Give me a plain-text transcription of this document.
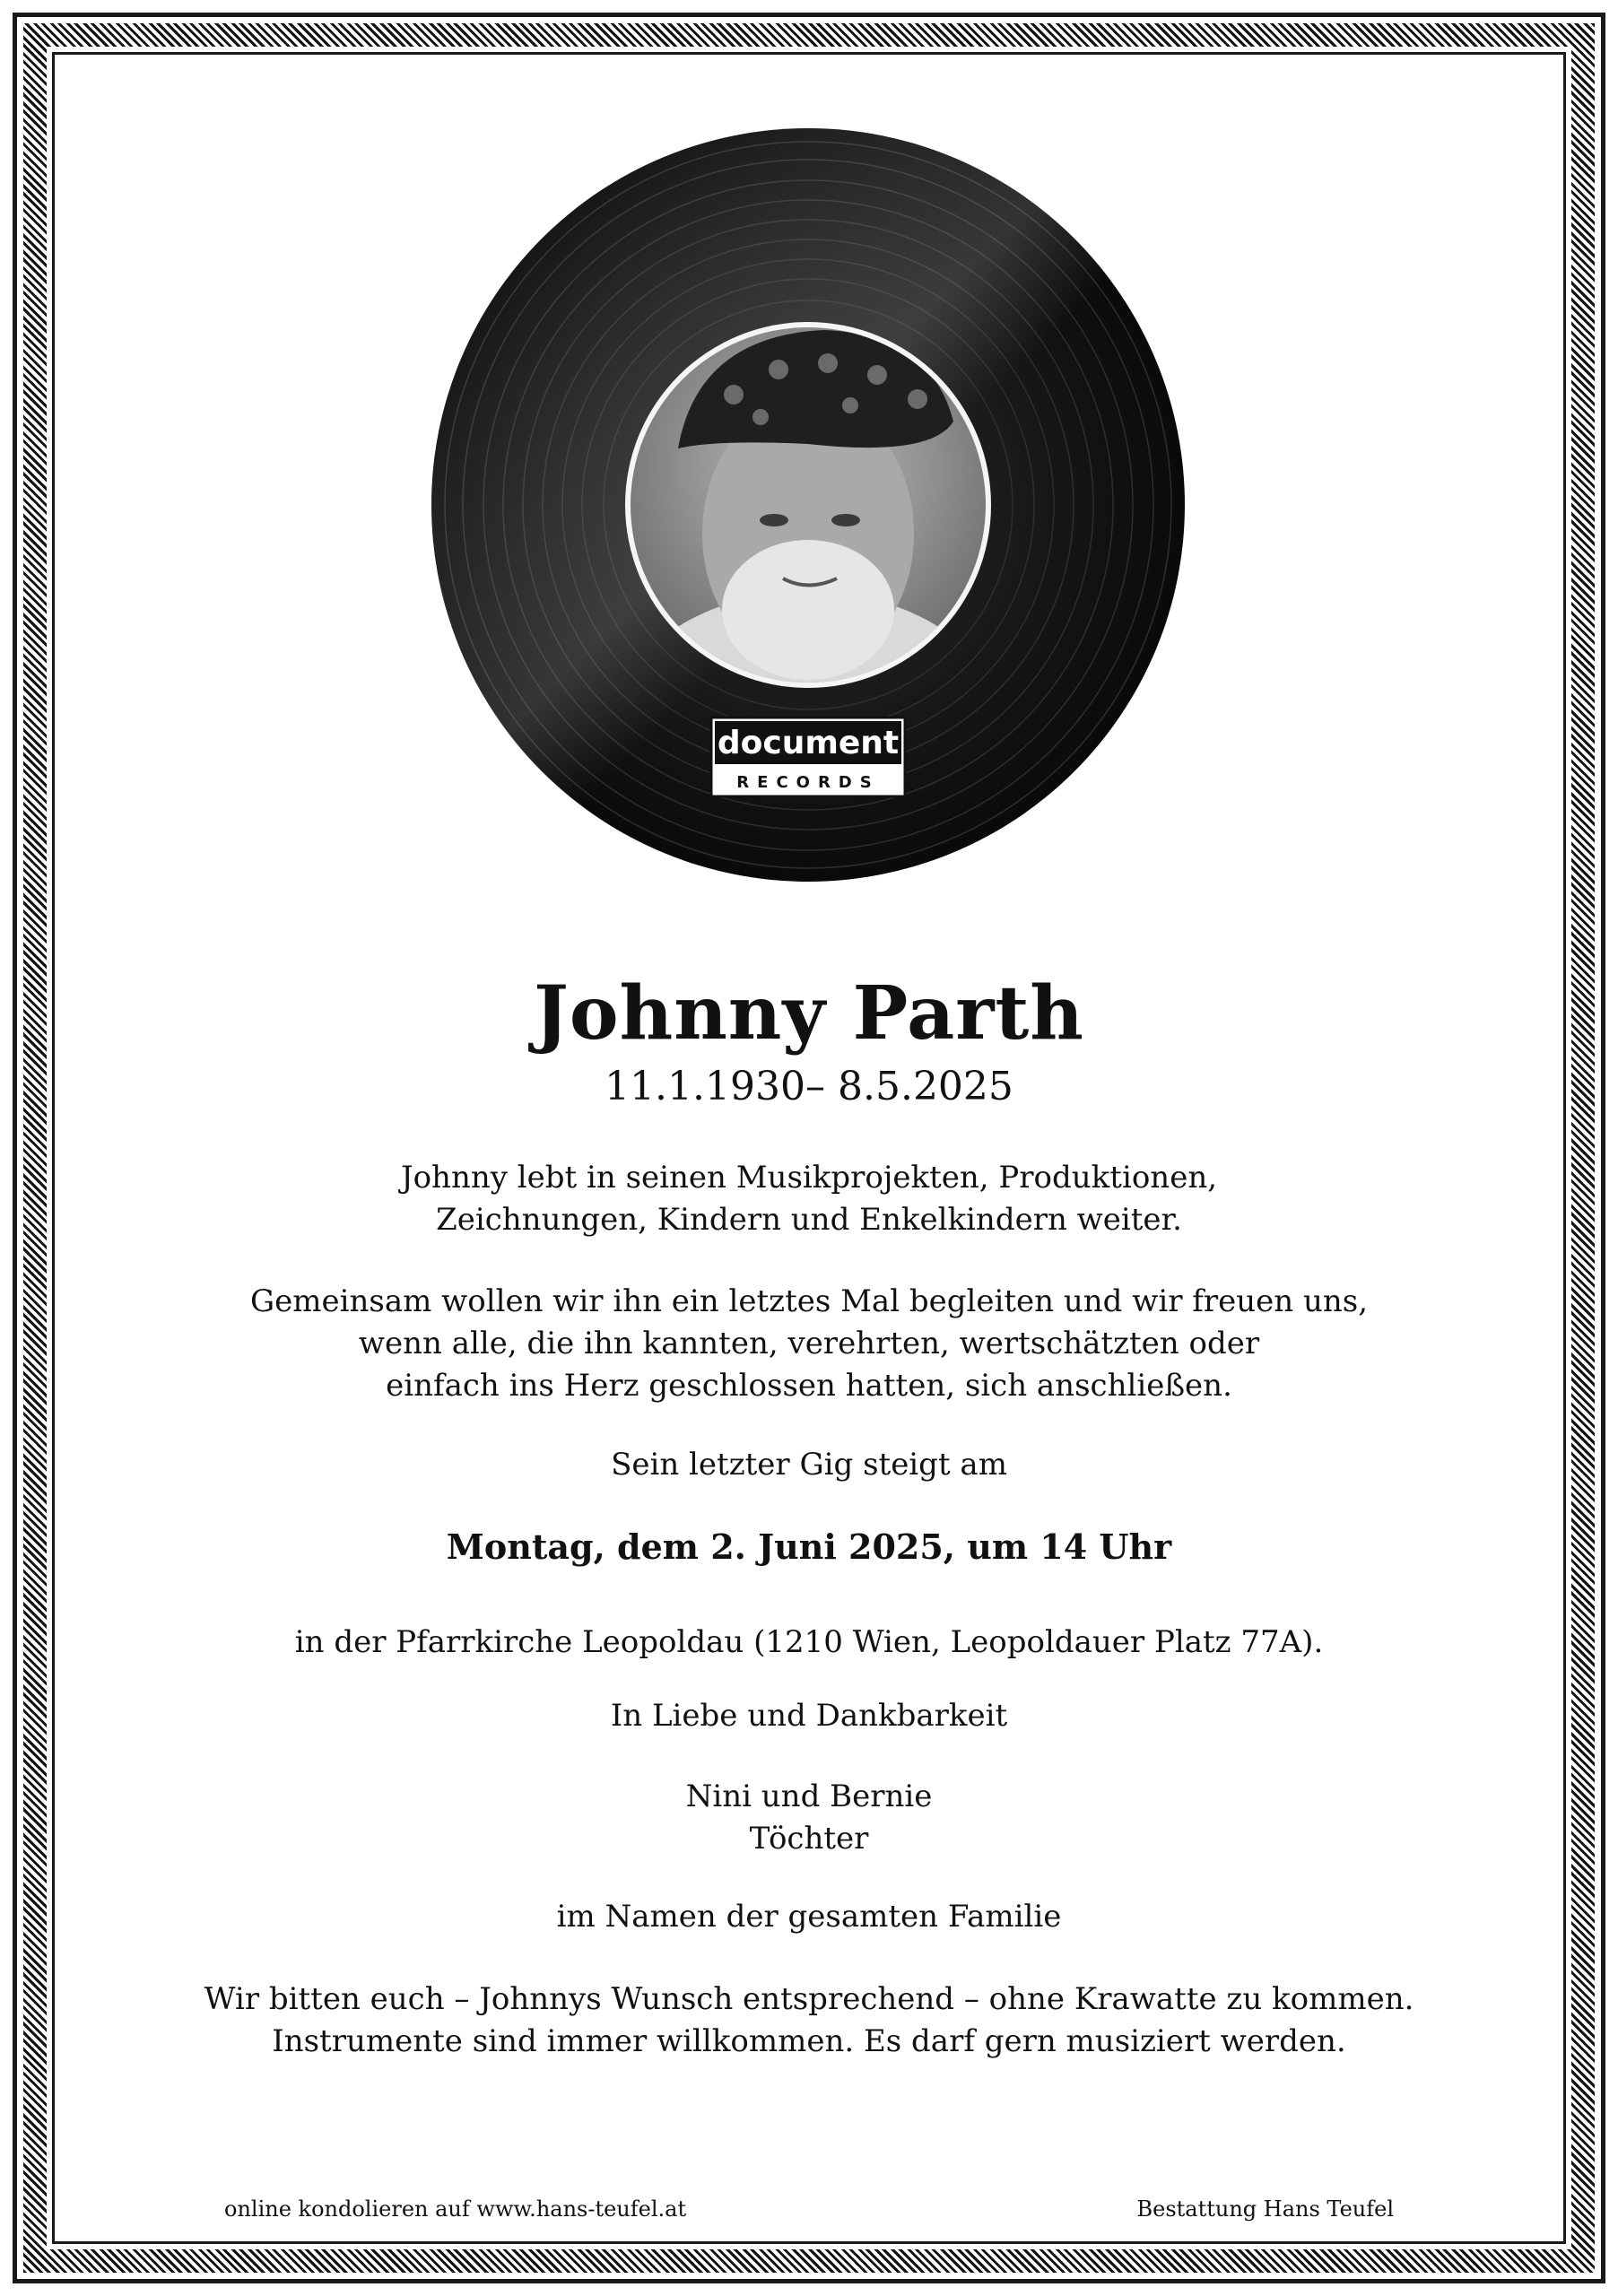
document
RECORDS
Johnny Parth
11.1.1930– 8.5.2025
Johnny lebt in seinen Musikprojekten, Produktionen,
Zeichnungen, Kindern und Enkelkindern weiter.
Gemeinsam wollen wir ihn ein letztes Mal begleiten und wir freuen uns,
wenn alle, die ihn kannten, verehrten, wertschätzten oder
einfach ins Herz geschlossen hatten, sich anschließen.
Sein letzter Gig steigt am
Montag, dem 2. Juni 2025, um 14 Uhr
in der Pfarrkirche Leopoldau (1210 Wien, Leopoldauer Platz 77A).
In Liebe und Dankbarkeit
Nini und Bernie
Töchter
im Namen der gesamten Familie
Wir bitten euch – Johnnys Wunsch entsprechend – ohne Krawatte zu kommen.
Instrumente sind immer willkommen. Es darf gern musiziert werden.
online kondolieren auf www.hans-teufel.at	Bestattung Hans Teufel
